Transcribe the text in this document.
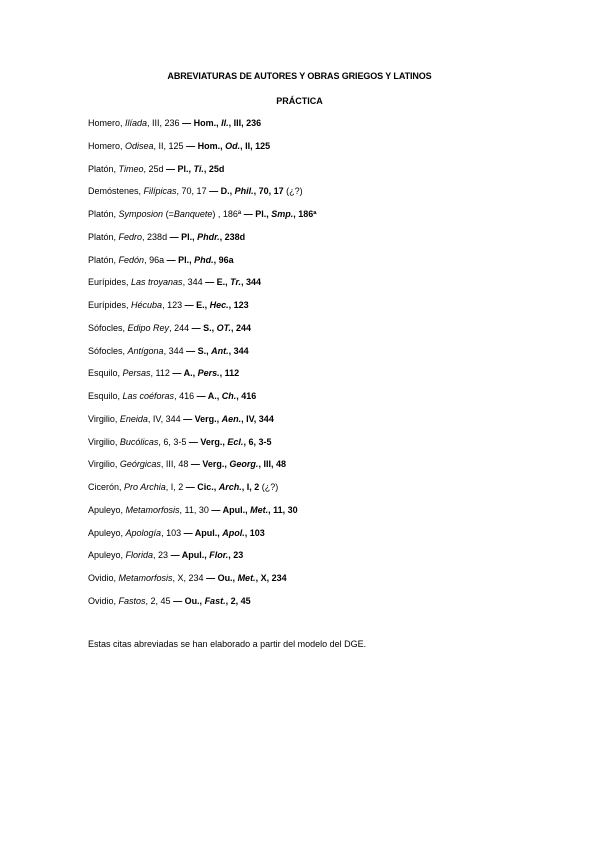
ABREVIATURAS DE AUTORES Y OBRAS GRIEGOS Y LATINOS
PRÁCTICA
Homero, Ilíada, III, 236 — Hom., Il., III, 236
Homero, Odisea, II, 125 — Hom., Od., II, 125
Platón, Timeo, 25d — Pl., Ti., 25d
Demóstenes, Filípicas, 70, 17 — D., Phil., 70, 17 (¿?)
Platón, Symposion (=Banquete) , 186ª — Pl., Smp., 186ª
Platón, Fedro, 238d — Pl., Phdr., 238d
Platón, Fedón, 96a — Pl., Phd., 96a
Eurípides, Las troyanas, 344 — E., Tr., 344
Eurípides, Hécuba, 123 — E., Hec., 123
Sófocles, Edipo Rey, 244 — S., OT., 244
Sófocles, Antígona, 344 — S., Ant., 344
Esquilo, Persas, 112 — A., Pers., 112
Esquilo, Las coéforas, 416 — A., Ch., 416
Virgilio, Eneida, IV, 344 — Verg., Aen., IV, 344
Virgilio, Bucólicas, 6, 3-5 — Verg., Ecl., 6, 3-5
Virgilio, Geórgicas, III, 48 — Verg., Georg., III, 48
Cicerón, Pro Archia, I, 2 — Cic., Arch., I, 2 (¿?)
Apuleyo, Metamorfosis, 11, 30 — Apul., Met., 11, 30
Apuleyo, Apología, 103 — Apul., Apol., 103
Apuleyo, Florida, 23 — Apul., Flor., 23
Ovidio, Metamorfosis, X, 234 — Ou., Met., X, 234
Ovidio, Fastos, 2, 45 — Ou., Fast., 2, 45
Estas citas abreviadas se han elaborado a partir del modelo del DGE.
